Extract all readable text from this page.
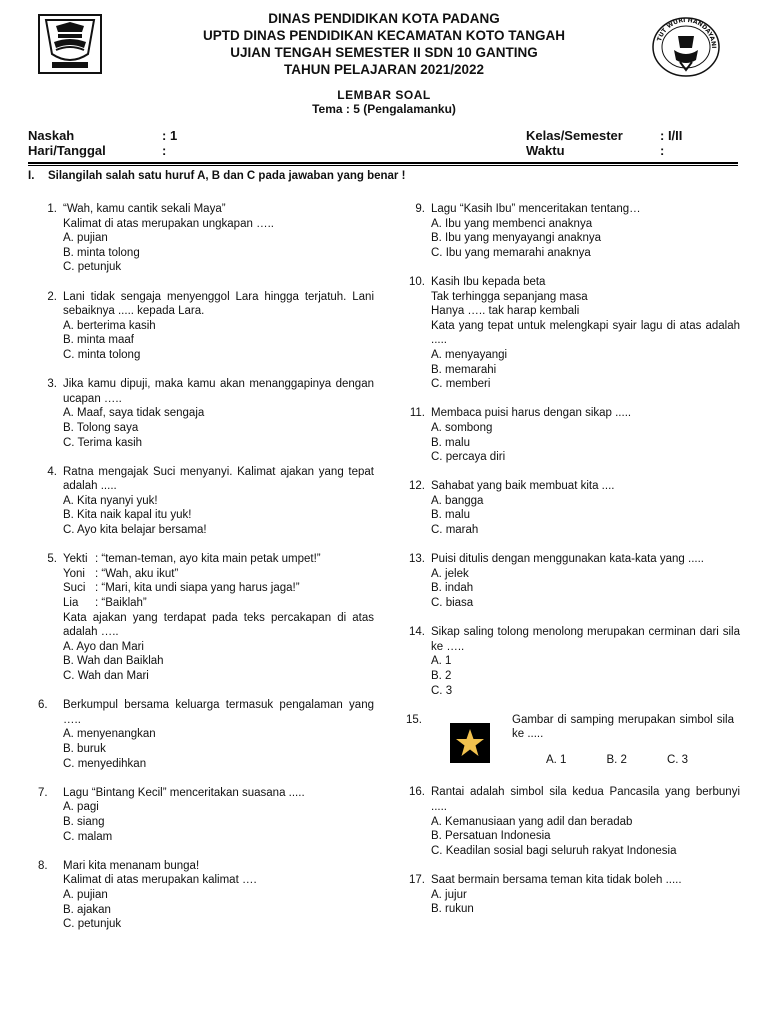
DINAS PENDIDIKAN KOTA PADANG
UPTD DINAS PENDIDIKAN KECAMATAN KOTO TANGAH
UJIAN TENGAH SEMESTER II SDN 10 GANTING
TAHUN PELAJARAN 2021/2022
TUT WURI HANDAYANI
LEMBAR SOAL
Tema : 5 (Pengalamanku)
Naskah	: 1
Hari/Tanggal	:
Kelas/Semester	: I/II
Waktu	:
I. Silangilah salah satu huruf A, B dan C pada jawaban yang benar !
1. “Wah, kamu cantik sekali Maya”
Kalimat di atas merupakan ungkapan …..
A. pujian
B. minta tolong
C. petunjuk
2. Lani tidak sengaja menyenggol Lara hingga terjatuh. Lani sebaiknya ..... kepada Lara.
A. berterima kasih
B. minta maaf
C. minta tolong
3. Jika kamu dipuji, maka kamu akan menanggapinya dengan ucapan …..
A. Maaf, saya tidak sengaja
B. Tolong saya
C. Terima kasih
4. Ratna mengajak Suci menyanyi. Kalimat ajakan yang tepat adalah .....
A. Kita nyanyi yuk!
B. Kita naik kapal itu yuk!
C. Ayo kita belajar bersama!
5. Yekti : “teman-teman, ayo kita main petak umpet!”
Yoni : “Wah, aku ikut”
Suci : “Mari, kita undi siapa yang harus jaga!”
Lia	: “Baiklah”
Kata ajakan yang terdapat pada teks percakapan di atas adalah …..
A. Ayo dan Mari
B. Wah dan Baiklah
C. Wah dan Mari
6.	Berkumpul bersama keluarga termasuk pengalaman yang …..
A. menyenangkan
B. buruk
C. menyedihkan
7.	Lagu “Bintang Kecil” menceritakan suasana .....
A. pagi
B. siang
C. malam
8.	Mari kita menanam bunga!
Kalimat di atas merupakan kalimat ….
A. pujian
B. ajakan
C. petunjuk
9. Lagu “Kasih Ibu” menceritakan tentang…
A. Ibu yang membenci anaknya
B. Ibu yang menyayangi anaknya
C. Ibu yang memarahi anaknya
10. Kasih Ibu kepada beta
Tak terhingga sepanjang masa
Hanya ….. tak harap kembali
Kata yang tepat untuk melengkapi syair lagu di atas adalah .....
A. menyayangi
B. memarahi
C. memberi
11. Membaca puisi harus dengan sikap .....
A. sombong
B. malu
C. percaya diri
12. Sahabat yang baik membuat kita ....
A. bangga
B. malu
C. marah
13. Puisi ditulis dengan menggunakan kata-kata yang .....
A. jelek
B. indah
C. biasa
14. Sikap saling tolong menolong merupakan cerminan dari sila ke …..
A. 1
B. 2
C. 3
15.	Gambar di samping merupakan simbol sila ke .....
A. 1	B. 2	C. 3
16. Rantai adalah simbol sila kedua Pancasila yang berbunyi .....
A. Kemanusiaan yang adil dan beradab
B. Persatuan Indonesia
C. Keadilan sosial bagi seluruh rakyat Indonesia
17. Saat bermain bersama teman kita tidak boleh .....
A. jujur
B. rukun
